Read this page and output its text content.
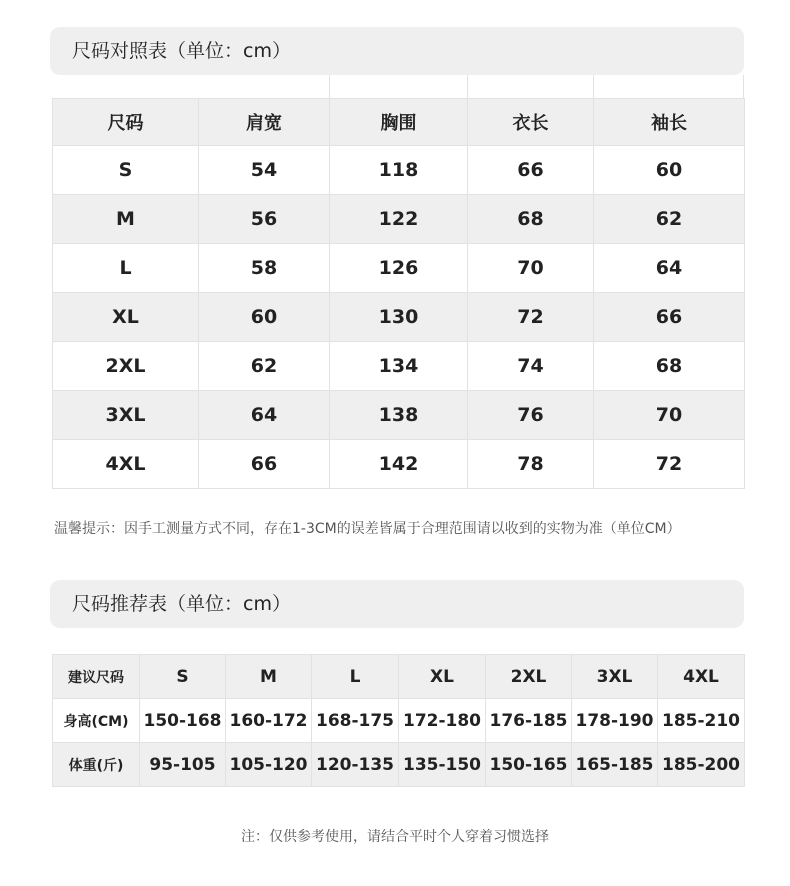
尺码对照表（单位：cm）
尺码	肩宽	胸围	衣长	袖长
S	54	118	66	60
M	56	122	68	62
L	58	126	70	64
XL	60	130	72	66
2XL	62	134	74	68
3XL	64	138	76	70
4XL	66	142	78	72
温馨提示：因手工测量方式不同，存在1-3CM的误差皆属于合理范围请以收到的实物为准（单位CM）
尺码推荐表（单位：cm）
建议尺码	S	M	L	XL	2XL	3XL	4XL
身高(CM)	150-168	160-172	168-175	172-180	176-185	178-190	185-210
体重(斤)	95-105	105-120	120-135	135-150	150-165	165-185	185-200
注：仅供参考使用，请结合平时个人穿着习惯选择
